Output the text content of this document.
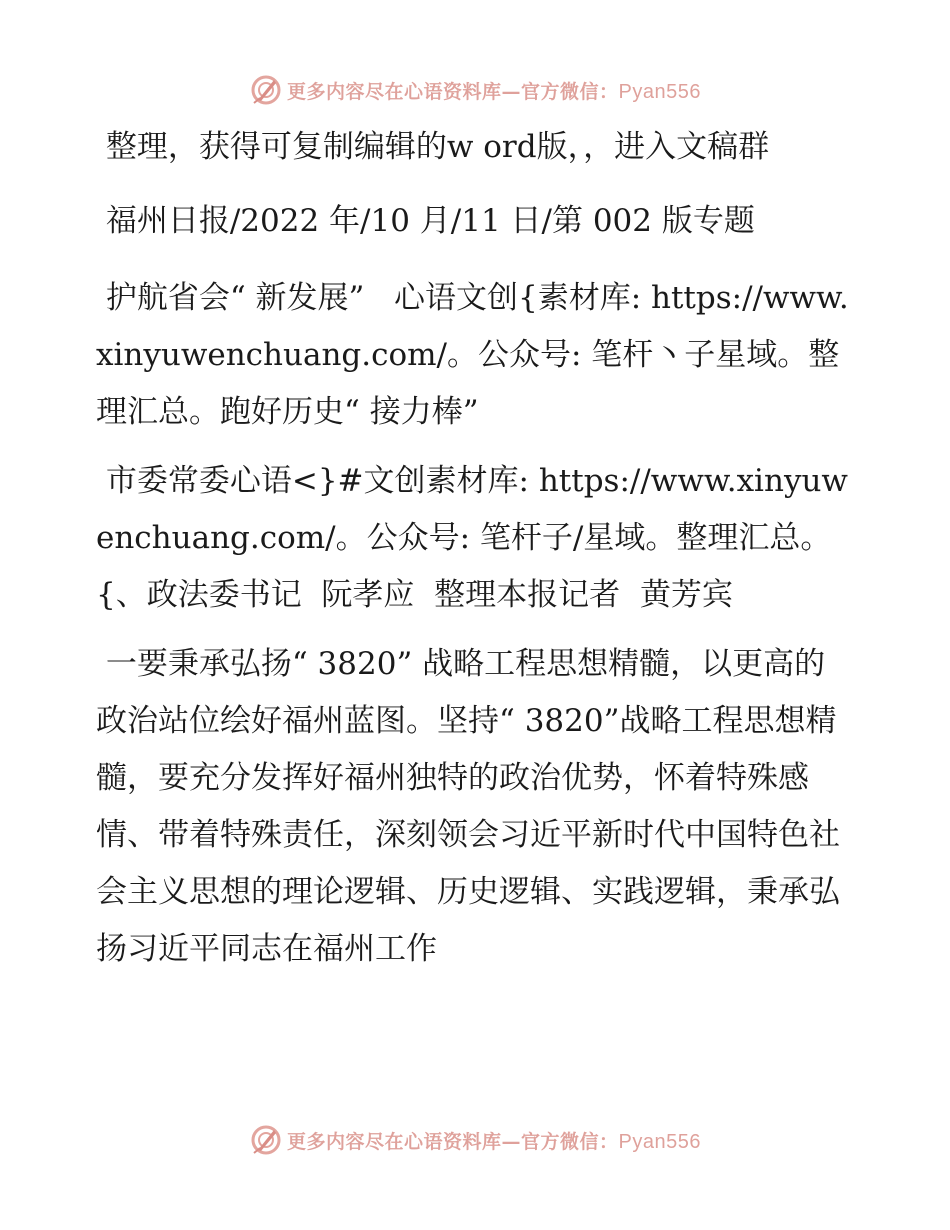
更多内容尽在心语资料库—官方微信：Pyan556

整理，获得可复制编辑的w ord版，，进入文稿群

福州日报/2022 年/10 月/11 日/第 002 版专题

护航省会“ 新发展”   心语文创{素材库: https://www.xinyuwenchuang.com/。公众号: 笔杆丶子星域。整理汇总。跑好历史“ 接力棒”

市委常委心语<}#文创素材库: https://www.xinyuwenchuang.com/。公众号: 笔杆子/星域。整理汇总。{、政法委书记  阮孝应  整理本报记者  黄芳宾

一要秉承弘扬“ 3820” 战略工程思想精髓，以更高的政治站位绘好福州蓝图。坚持“ 3820”战略工程思想精髓，要充分发挥好福州独特的政治优势，怀着特殊感情、带着特殊责任，深刻领会习近平新时代中国特色社会主义思想的理论逻辑、历史逻辑、实践逻辑，秉承弘扬习近平同志在福州工作

更多内容尽在心语资料库—官方微信：Pyan556
